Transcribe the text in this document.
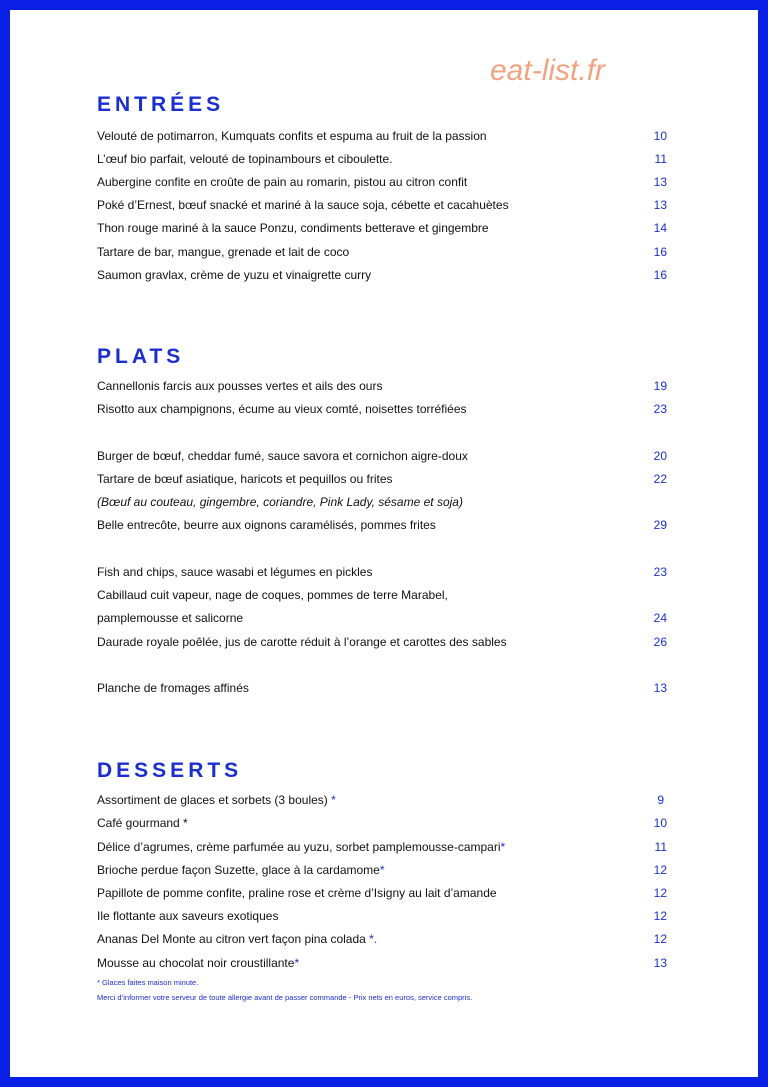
eat-list.fr
ENTRÉES
Velouté de potimarron, Kumquats confits et espuma au fruit de la passion	10
L’œuf bio parfait, velouté de topinambours et ciboulette.	11
Aubergine confite en croûte de pain au romarin, pistou au citron confit	13
Poké d’Ernest, bœuf snacké et mariné à la sauce soja, cébette et cacahuètes	13
Thon rouge mariné à la sauce Ponzu, condiments betterave et gingembre	14
Tartare de bar, mangue, grenade et lait de coco	16
Saumon gravlax, crème de yuzu et vinaigrette curry	16
PLATS
Cannellonis farcis aux pousses vertes et ails des ours	19
Risotto aux champignons, écume au vieux comté, noisettes torréfiées	23
Burger de bœuf, cheddar fumé, sauce savora et cornichon aigre-doux	20
Tartare de bœuf asiatique, haricots et pequillos ou frites	22
(Bœuf au couteau, gingembre, coriandre, Pink Lady, sésame et soja)
Belle entrecôte, beurre aux oignons caramélisés, pommes frites	29
Fish and chips, sauce wasabi et légumes en pickles	23
Cabillaud cuit vapeur, nage de coques, pommes de terre Marabel,
pamplemousse et salicorne	24
Daurade royale poêlée, jus de carotte réduit à l’orange et carottes des sables	26
Planche de fromages affinés	13
DESSERTS
Assortiment de glaces et sorbets (3 boules) *	9
Café gourmand *	10
Délice d’agrumes, crème parfumée au yuzu, sorbet pamplemousse-campari*	11
Brioche perdue façon Suzette, glace à la cardamome*	12
Papillote de pomme confite, praline rose et crème d’Isigny au lait d’amande	12
Ile flottante aux saveurs exotiques	12
Ananas Del Monte au citron vert façon pina colada *.	12
Mousse au chocolat noir croustillante*	13
* Glaces faites maison minute.
Merci d’informer votre serveur de toute allergie avant de passer commande - Prix nets en euros, service compris.
